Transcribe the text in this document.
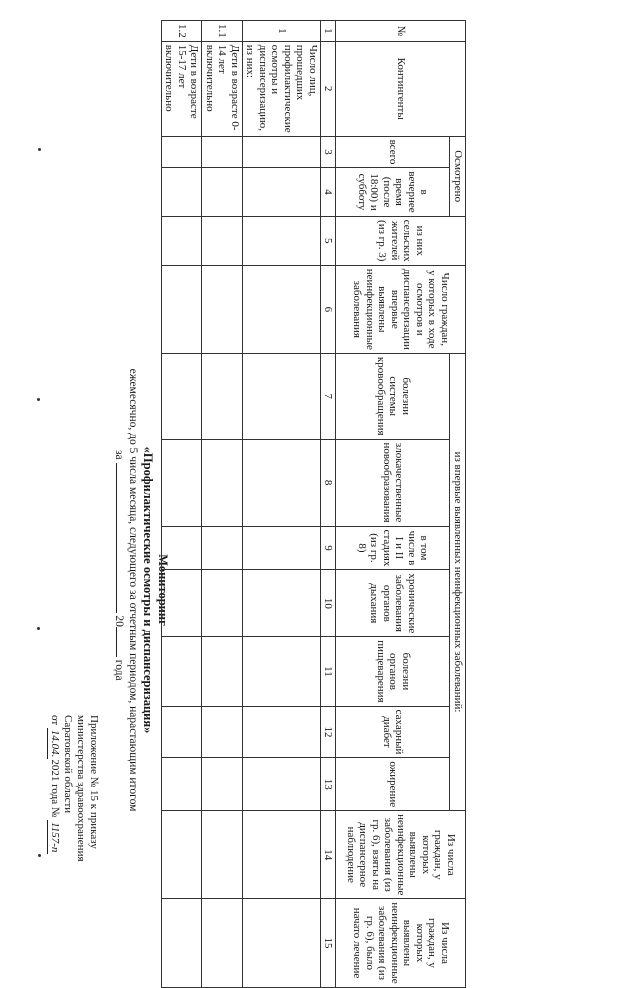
Приложение № 15 к приказу
министерства здравоохранения
Саратовской области
от 14.04.2021 года № 1157-п
Мониторинг
«Профилактические осмотры и диспансеризация»
ежемесячно, до 5 числа месяца, следующего за отчетным периодом, нарастающим итогом
за  20 года
№	Контингенты	Осмотрено		из них сельских жителей (из гр. 3)	Число граждан, у которых в ходе осмотров и диспансеризации впервые выявлены неинфекционные заболевания	из впервые выявленных неинфекционных заболеваний:							Из числа граждан, у которых выявлены неинфекционные заболевания (из гр. 6), взяты на диспансерное наблюдение	Из числа граждан, у которых выявлены неинфекционные заболевания (из гр. 6), было начато лечение
		всего	в вечернее время (после 18:00) и субботу			болезни системы кровообращения	злокачественные новообразования	в том числе в I и II стадиях (из гр. 8)	хронические заболевания органов дыхания	болезни органов пищеварения	сахарный диабет	ожирение		

1	2	3	4	5	6	7	8	9	10	11	12	13	14	15
1	Число лиц, прошедших профилактические осмотры и диспансеризацию, из них:													
1.1	Дети в возрасте 0-14 лет включительно													
1.2	Дети в возрасте 15-17 лет включительно													
